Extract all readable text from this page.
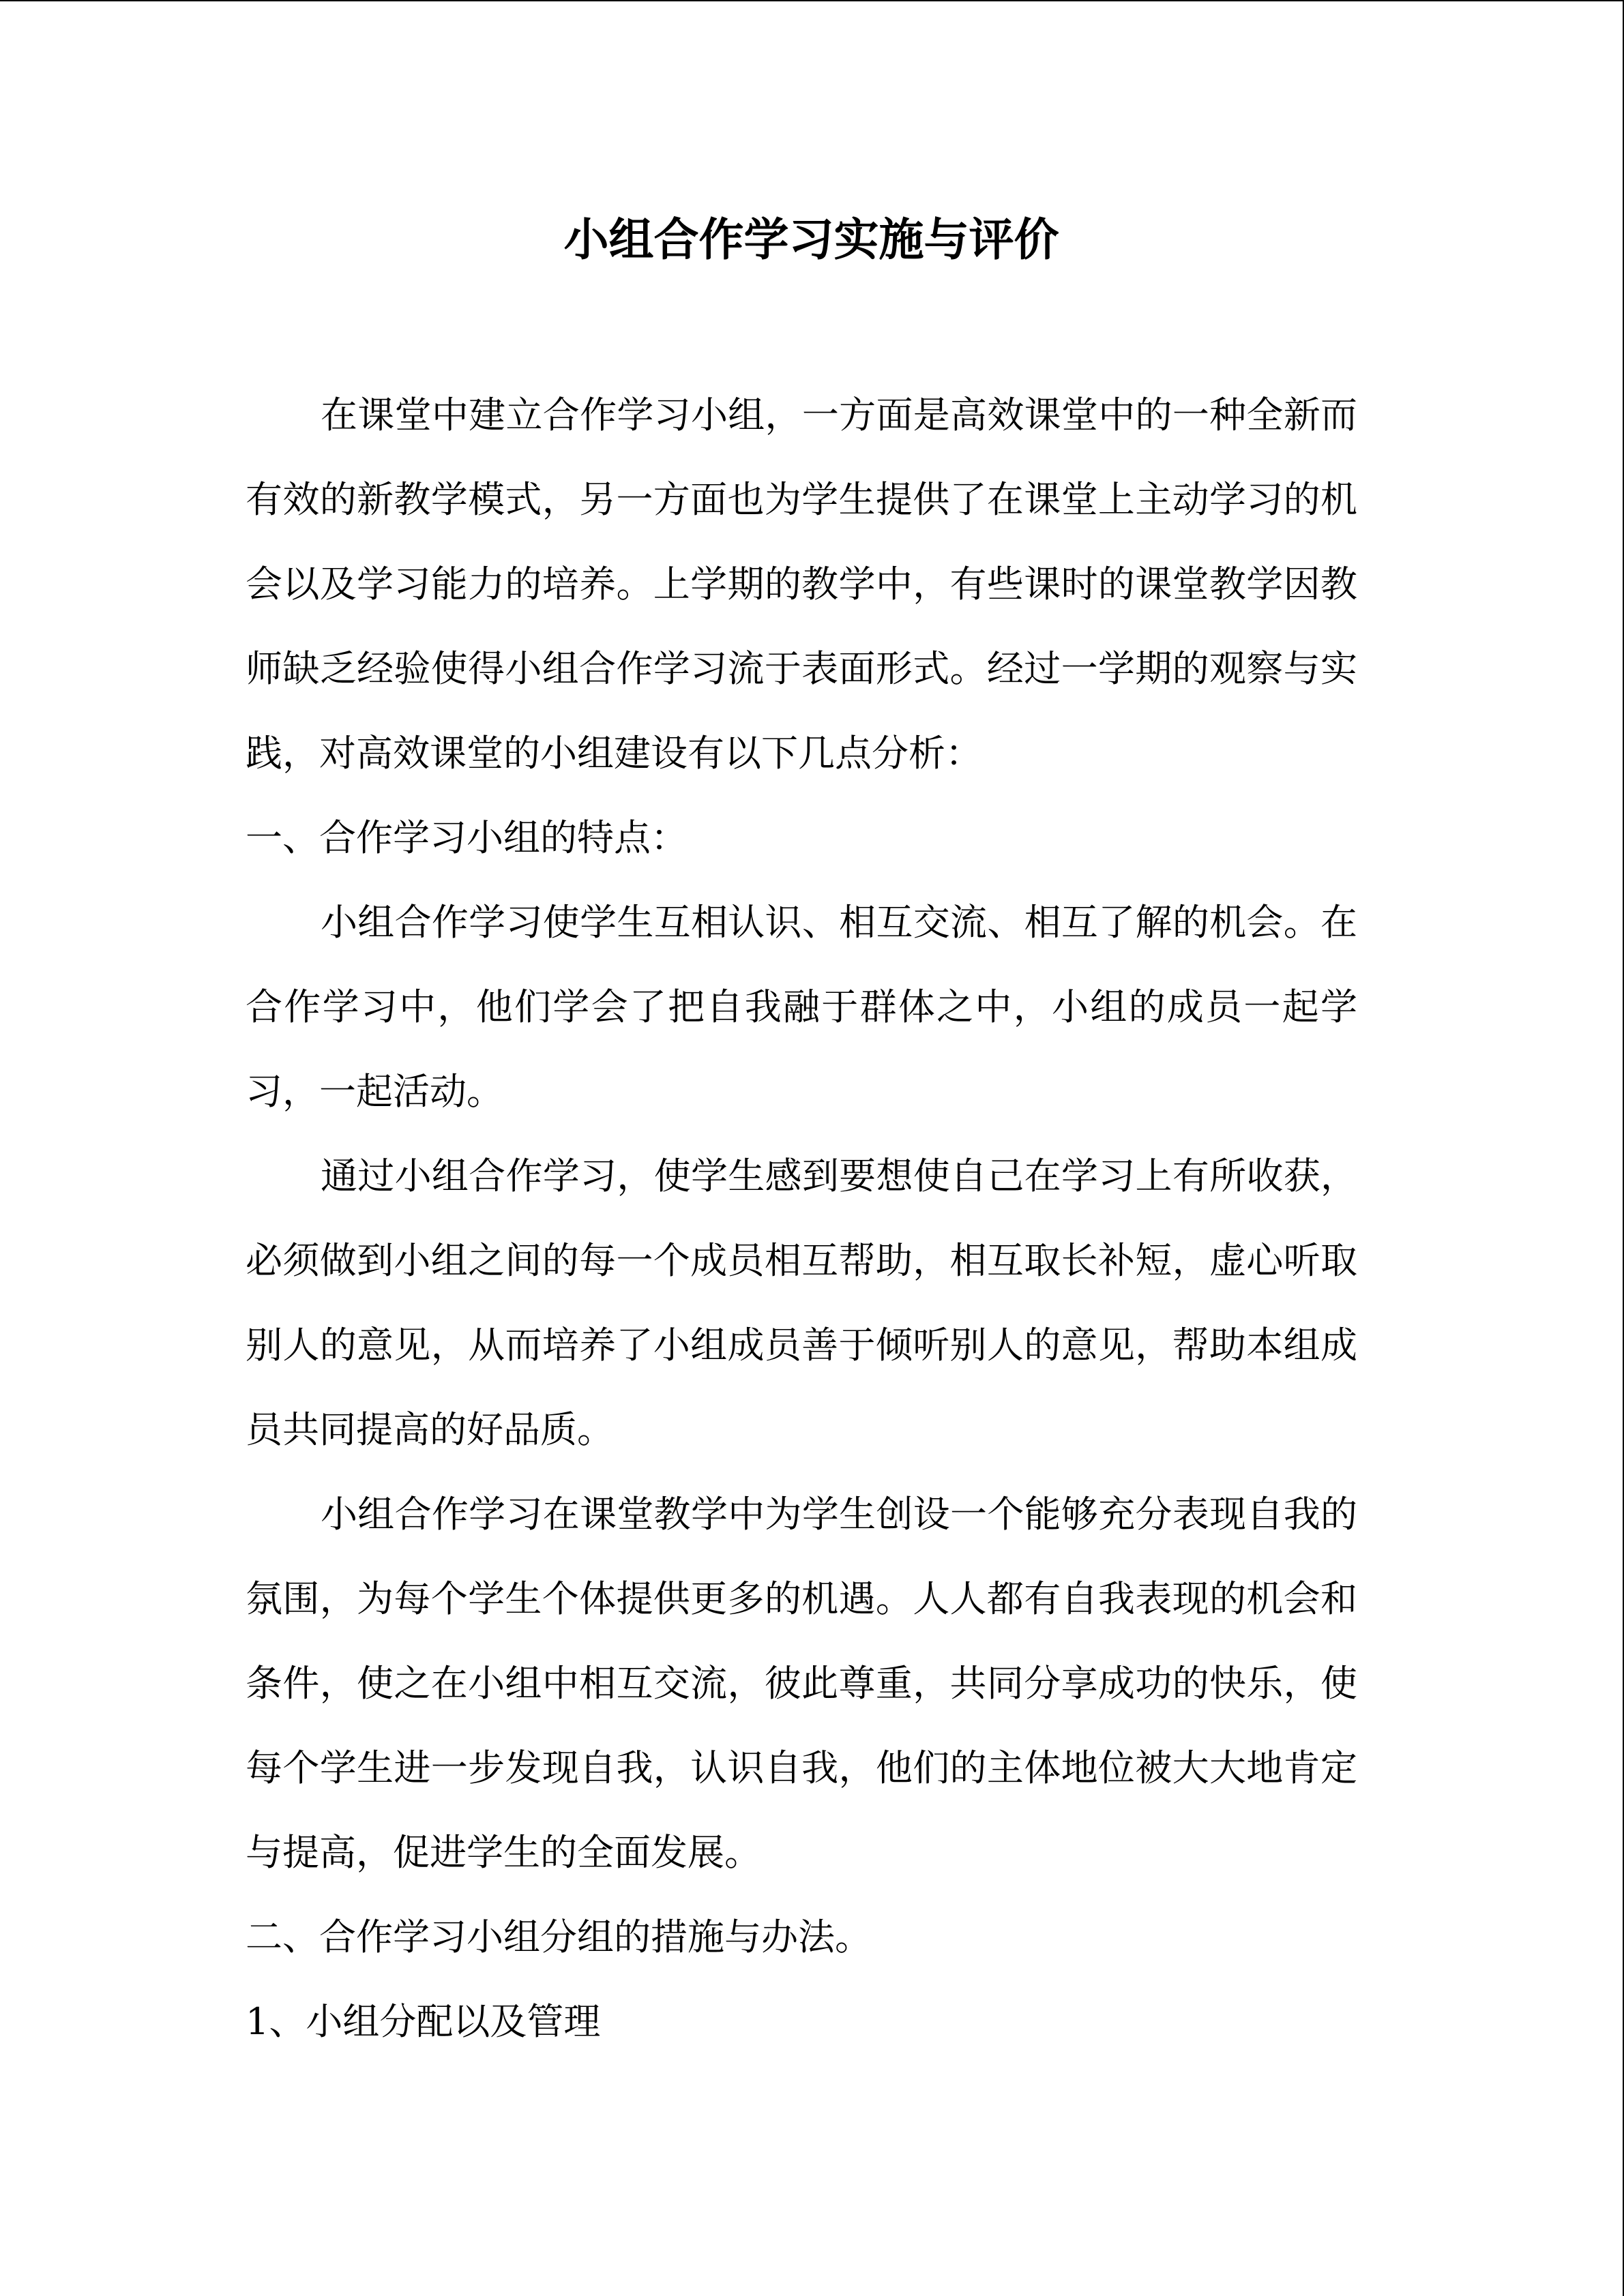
小组合作学习实施与评价

在课堂中建立合作学习小组，一方面是高效课堂中的一种全新而有效的新教学模式，另一方面也为学生提供了在课堂上主动学习的机会以及学习能力的培养。上学期的教学中，有些课时的课堂教学因教师缺乏经验使得小组合作学习流于表面形式。经过一学期的观察与实践，对高效课堂的小组建设有以下几点分析：

一、合作学习小组的特点：

小组合作学习使学生互相认识、相互交流、相互了解的机会。在合作学习中，他们学会了把自我融于群体之中，小组的成员一起学习，一起活动。

通过小组合作学习，使学生感到要想使自己在学习上有所收获，必须做到小组之间的每一个成员相互帮助，相互取长补短，虚心听取别人的意见，从而培养了小组成员善于倾听别人的意见，帮助本组成员共同提高的好品质。

小组合作学习在课堂教学中为学生创设一个能够充分表现自我的氛围，为每个学生个体提供更多的机遇。人人都有自我表现的机会和条件，使之在小组中相互交流，彼此尊重，共同分享成功的快乐，使每个学生进一步发现自我，认识自我，他们的主体地位被大大地肯定与提高，促进学生的全面发展。

二、合作学习小组分组的措施与办法。

1、小组分配以及管理
